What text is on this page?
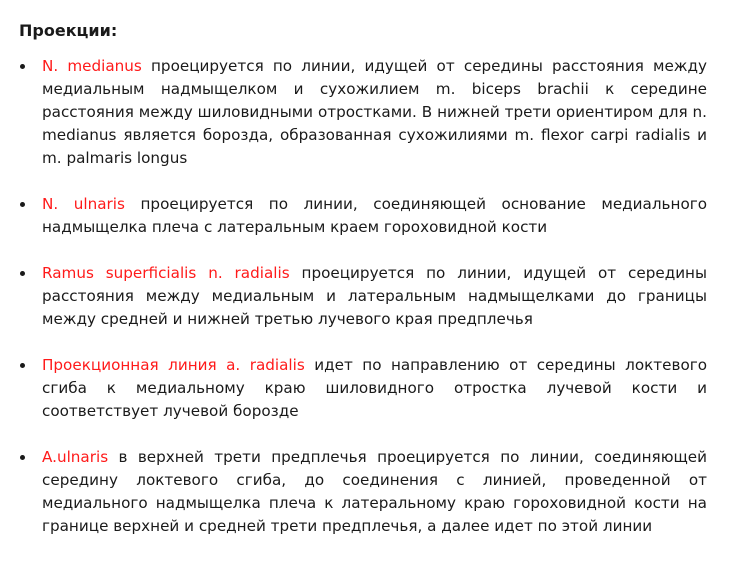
Проекции:
N. medianus проецируется по линии, идущей от середины расстояния между медиальным надмыщелком и сухожилием m. biceps brachii к середине расстояния между шиловидными отростками. В нижней трети ориентиром для n. medianus является борозда, образованная сухожилиями m. flexor carpi radialis и m. palmaris longus
N. ulnaris проецируется по линии, соединяющей основание медиального надмыщелка плеча с латеральным краем гороховидной кости
Ramus superficialis n. radialis проецируется по линии, идущей от середины расстояния между медиальным и латеральным надмыщелками до границы между средней и нижней третью лучевого края предплечья
Проекционная линия a. radialis идет по направлению от середины локтевого сгиба к медиальному краю шиловидного отростка лучевой кости и соответствует лучевой борозде
A.ulnaris в верхней трети предплечья проецируется по линии, соединяющей середину локтевого сгиба, до соединения с линией, проведенной от медиального надмыщелка плеча к латеральному краю гороховидной кости на границе верхней и средней трети предплечья, а далее идет по этой линии
